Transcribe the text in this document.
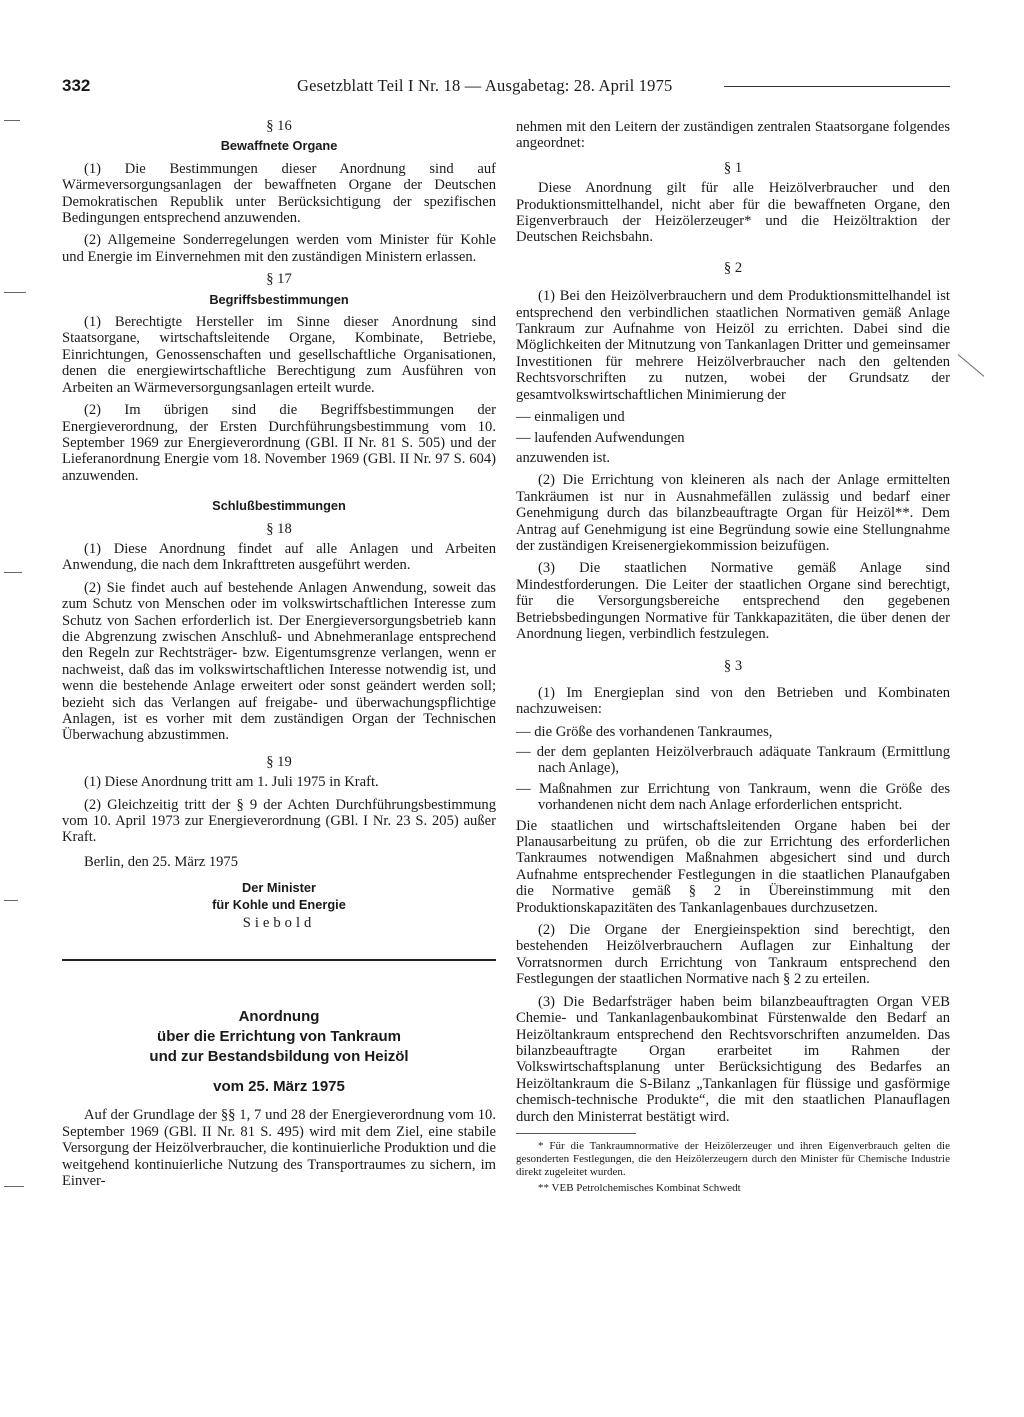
332	Gesetzblatt Teil I Nr. 18 — Ausgabetag: 28. April 1975
§ 16
Bewaffnete Organe

(1) Die Bestimmungen dieser Anordnung sind auf Wärmeversorgungsanlagen der bewaffneten Organe der Deutschen Demokratischen Republik unter Berücksichtigung der spezifischen Bedingungen entsprechend anzuwenden.

(2) Allgemeine Sonderregelungen werden vom Minister für Kohle und Energie im Einvernehmen mit den zuständigen Ministern erlassen.

§ 17
Begriffsbestimmungen

(1) Berechtigte Hersteller im Sinne dieser Anordnung sind Staatsorgane, wirtschaftsleitende Organe, Kombinate, Betriebe, Einrichtungen, Genossenschaften und gesellschaftliche Organisationen, denen die energiewirtschaftliche Berechtigung zum Ausführen von Arbeiten an Wärmeversorgungsanlagen erteilt wurde.

(2) Im übrigen sind die Begriffsbestimmungen der Energieverordnung, der Ersten Durchführungsbestimmung vom 10. September 1969 zur Energieverordnung (GBl. II Nr. 81 S. 505) und der Lieferanordnung Energie vom 18. November 1969 (GBl. II Nr. 97 S. 604) anzuwenden.

Schlußbestimmungen
§ 18

(1) Diese Anordnung findet auf alle Anlagen und Arbeiten Anwendung, die nach dem Inkrafttreten ausgeführt werden.

(2) Sie findet auch auf bestehende Anlagen Anwendung, soweit das zum Schutz von Menschen oder im volkswirtschaftlichen Interesse zum Schutz von Sachen erforderlich ist. Der Energieversorgungsbetrieb kann die Abgrenzung zwischen Anschluß- und Abnehmeranlage entsprechend den Regeln zur Rechtsträger- bzw. Eigentumsgrenze verlangen, wenn er nachweist, daß das im volkswirtschaftlichen Interesse notwendig ist, und wenn die bestehende Anlage erweitert oder sonst geändert werden soll; bezieht sich das Verlangen auf freigabe- und überwachungspflichtige Anlagen, ist es vorher mit dem zuständigen Organ der Technischen Überwachung abzustimmen.

§ 19

(1) Diese Anordnung tritt am 1. Juli 1975 in Kraft.

(2) Gleichzeitig tritt der § 9 der Achten Durchführungsbestimmung vom 10. April 1973 zur Energieverordnung (GBl. I Nr. 23 S. 205) außer Kraft.

Berlin, den 25. März 1975

Der Minister
für Kohle und Energie
Siebold
Anordnung
über die Errichtung von Tankraum
und zur Bestandsbildung von Heizöl
vom 25. März 1975

Auf der Grundlage der §§ 1, 7 und 28 der Energieverordnung vom 10. September 1969 (GBl. II Nr. 81 S. 495) wird mit dem Ziel, eine stabile Versorgung der Heizölverbraucher, die kontinuierliche Produktion und die weitgehend kontinuierliche Nutzung des Transportraumes zu sichern, im Einver-

nehmen mit den Leitern der zuständigen zentralen Staatsorgane folgendes angeordnet:

§ 1

Diese Anordnung gilt für alle Heizölverbraucher und den Produktionsmittelhandel, nicht aber für die bewaffneten Organe, den Eigenverbrauch der Heizölerzeuger* und die Heizöltraktion der Deutschen Reichsbahn.

§ 2

(1) Bei den Heizölverbrauchern und dem Produktionsmittelhandel ist entsprechend den verbindlichen staatlichen Normativen gemäß Anlage Tankraum zur Aufnahme von Heizöl zu errichten. Dabei sind die Möglichkeiten der Mitnutzung von Tankanlagen Dritter und gemeinsamer Investitionen für mehrere Heizölverbraucher nach den geltenden Rechtsvorschriften zu nutzen, wobei der Grundsatz der gesamtvolkswirtschaftlichen Minimierung der

— einmaligen und

— laufenden Aufwendungen

anzuwenden ist.

(2) Die Errichtung von kleineren als nach der Anlage ermittelten Tankräumen ist nur in Ausnahmefällen zulässig und bedarf einer Genehmigung durch das bilanzbeauftragte Organ für Heizöl**. Dem Antrag auf Genehmigung ist eine Begründung sowie eine Stellungnahme der zuständigen Kreisenergiekommission beizufügen.

(3) Die staatlichen Normative gemäß Anlage sind Mindestforderungen. Die Leiter der staatlichen Organe sind berechtigt, für die Versorgungsbereiche entsprechend den gegebenen Betriebsbedingungen Normative für Tankkapazitäten, die über denen der Anordnung liegen, verbindlich festzulegen.

§ 3

(1) Im Energieplan sind von den Betrieben und Kombinaten nachzuweisen:

— die Größe des vorhandenen Tankraumes,

— der dem geplanten Heizölverbrauch adäquate Tankraum (Ermittlung nach Anlage),

— Maßnahmen zur Errichtung von Tankraum, wenn die Größe des vorhandenen nicht dem nach Anlage erforderlichen entspricht.

Die staatlichen und wirtschaftsleitenden Organe haben bei der Planausarbeitung zu prüfen, ob die zur Errichtung des erforderlichen Tankraumes notwendigen Maßnahmen abgesichert sind und durch Aufnahme entsprechender Festlegungen in die staatlichen Planaufgaben die Normative gemäß § 2 in Übereinstimmung mit den Produktionskapazitäten des Tankanlagenbaues durchzusetzen.

(2) Die Organe der Energieinspektion sind berechtigt, den bestehenden Heizölverbrauchern Auflagen zur Einhaltung der Vorratsnormen durch Errichtung von Tankraum entsprechend den Festlegungen der staatlichen Normative nach § 2 zu erteilen.

(3) Die Bedarfsträger haben beim bilanzbeauftragten Organ VEB Chemie- und Tankanlagenbaukombinat Fürstenwalde den Bedarf an Heizöltankraum entsprechend den Rechtsvorschriften anzumelden. Das bilanzbeauftragte Organ erarbeitet im Rahmen der Volkswirtschaftsplanung unter Berücksichtigung des Bedarfes an Heizöltankraum die S-Bilanz „Tankanlagen für flüssige und gasförmige chemisch-technische Produkte“, die mit den staatlichen Planauflagen durch den Ministerrat bestätigt wird.

* Für die Tankraumnormative der Heizölerzeuger und ihren Eigenverbrauch gelten die gesonderten Festlegungen, die den Heizölerzeugern durch den Minister für Chemische Industrie direkt zugeleitet wurden.

** VEB Petrolchemisches Kombinat Schwedt
